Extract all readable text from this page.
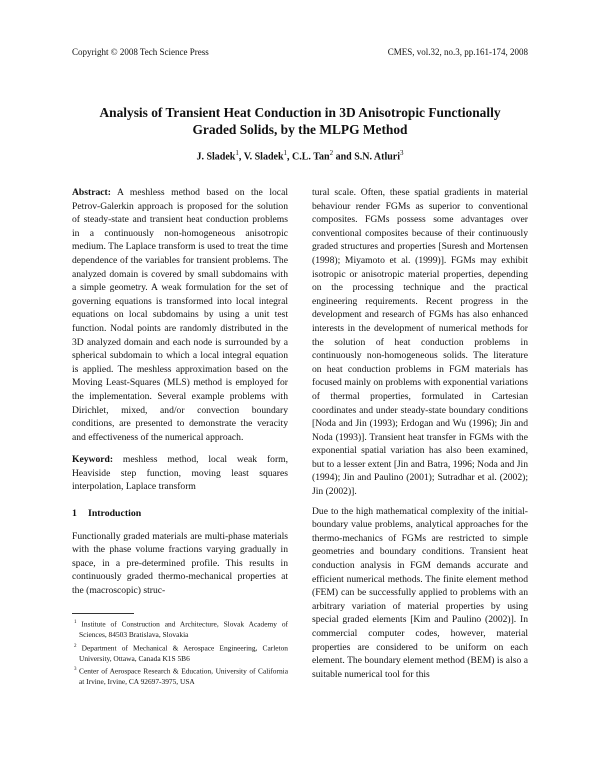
Copyright © 2008 Tech Science Press	CMES, vol.32, no.3, pp.161-174, 2008
Analysis of Transient Heat Conduction in 3D Anisotropic Functionally
Graded Solids, by the MLPG Method
J. Sladek$^1$, V. Sladek$^1$, C.L. Tan$^2$ and S.N. Atluri$^3$

Abstract: A meshless method based on the local Petrov-Galerkin approach is proposed for the solution of steady-state and transient heat conduction problems in a continuously non-homogeneous anisotropic medium. The Laplace transform is used to treat the time dependence of the variables for transient problems. The analyzed domain is covered by small subdomains with a simple geometry. A weak formulation for the set of governing equations is transformed into local integral equations on local subdomains by using a unit test function. Nodal points are randomly distributed in the 3D analyzed domain and each node is surrounded by a spherical subdomain to which a local integral equation is applied. The meshless approximation based on the Moving Least-Squares (MLS) method is employed for the implementation. Several example problems with Dirichlet, mixed, and/or convection boundary conditions, are presented to demonstrate the veracity and effectiveness of the numerical approach.

Keyword: meshless method, local weak form, Heaviside step function, moving least squares interpolation, Laplace transform

1 Introduction

Functionally graded materials are multi-phase materials with the phase volume fractions varying gradually in space, in a pre-determined profile. This results in continuously graded thermo-mechanical properties at the (macroscopic) struc-

$^1$ Institute of Construction and Architecture, Slovak Academy of Sciences, 84503 Bratislava, Slovakia

$^2$ Department of Mechanical & Aerospace Engineering, Carleton University, Ottawa, Canada K1S 5B6

$^3$ Center of Aerospace Research & Education, University of California at Irvine, Irvine, CA 92697-3975, USA

tural scale. Often, these spatial gradients in material behaviour render FGMs as superior to conventional composites. FGMs possess some advantages over conventional composites because of their continuously graded structures and properties [Suresh and Mortensen (1998); Miyamoto et al. (1999)]. FGMs may exhibit isotropic or anisotropic material properties, depending on the processing technique and the practical engineering requirements. Recent progress in the development and research of FGMs has also enhanced interests in the development of numerical methods for the solution of heat conduction problems in continuously non-homogeneous solids. The literature on heat conduction problems in FGM materials has focused mainly on problems with exponential variations of thermal properties, formulated in Cartesian coordinates and under steady-state boundary conditions [Noda and Jin (1993); Erdogan and Wu (1996); Jin and Noda (1993)]. Transient heat transfer in FGMs with the exponential spatial variation has also been examined, but to a lesser extent [Jin and Batra, 1996; Noda and Jin (1994); Jin and Paulino (2001); Sutradhar et al. (2002); Jin (2002)].

Due to the high mathematical complexity of the initial-boundary value problems, analytical approaches for the thermo-mechanics of FGMs are restricted to simple geometries and boundary conditions. Transient heat conduction analysis in FGM demands accurate and efficient numerical methods. The finite element method (FEM) can be successfully applied to problems with an arbitrary variation of material properties by using special graded elements [Kim and Paulino (2002)]. In commercial computer codes, however, material properties are considered to be uniform on each element. The boundary element method (BEM) is also a suitable numerical tool for this
